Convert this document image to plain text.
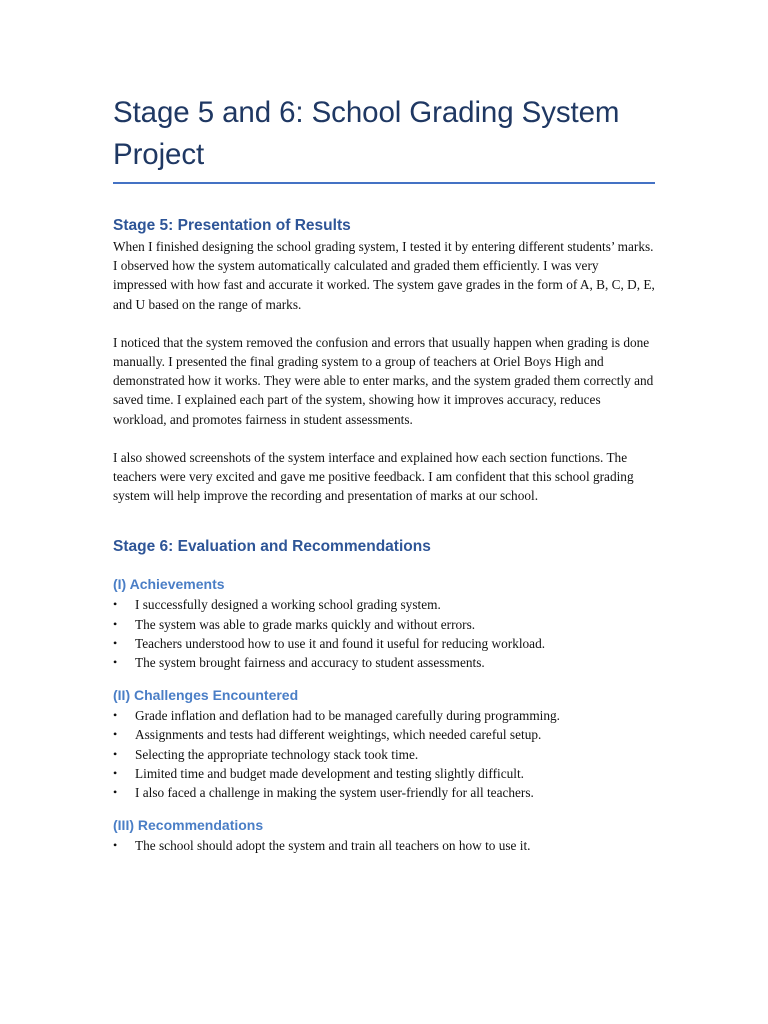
Stage 5 and 6: School Grading System
Project
Stage 5: Presentation of Results

When I finished designing the school grading system, I tested it by entering different students’ marks. I observed how the system automatically calculated and graded them efficiently. I was very impressed with how fast and accurate it worked. The system gave grades in the form of A, B, C, D, E, and U based on the range of marks.

I noticed that the system removed the confusion and errors that usually happen when grading is done manually. I presented the final grading system to a group of teachers at Oriel Boys High and demonstrated how it works. They were able to enter marks, and the system graded them correctly and saved time. I explained each part of the system, showing how it improves accuracy, reduces workload, and promotes fairness in student assessments.

I also showed screenshots of the system interface and explained how each section functions. The teachers were very excited and gave me positive feedback. I am confident that this school grading system will help improve the recording and presentation of marks at our school.

Stage 6: Evaluation and Recommendations
(I) Achievements
• I successfully designed a working school grading system.
• The system was able to grade marks quickly and without errors.
• Teachers understood how to use it and found it useful for reducing workload.
• The system brought fairness and accuracy to student assessments.
(II) Challenges Encountered
• Grade inflation and deflation had to be managed carefully during programming.
• Assignments and tests had different weightings, which needed careful setup.
• Selecting the appropriate technology stack took time.
• Limited time and budget made development and testing slightly difficult.
• I also faced a challenge in making the system user-friendly for all teachers.
(III) Recommendations
• The school should adopt the system and train all teachers on how to use it.
